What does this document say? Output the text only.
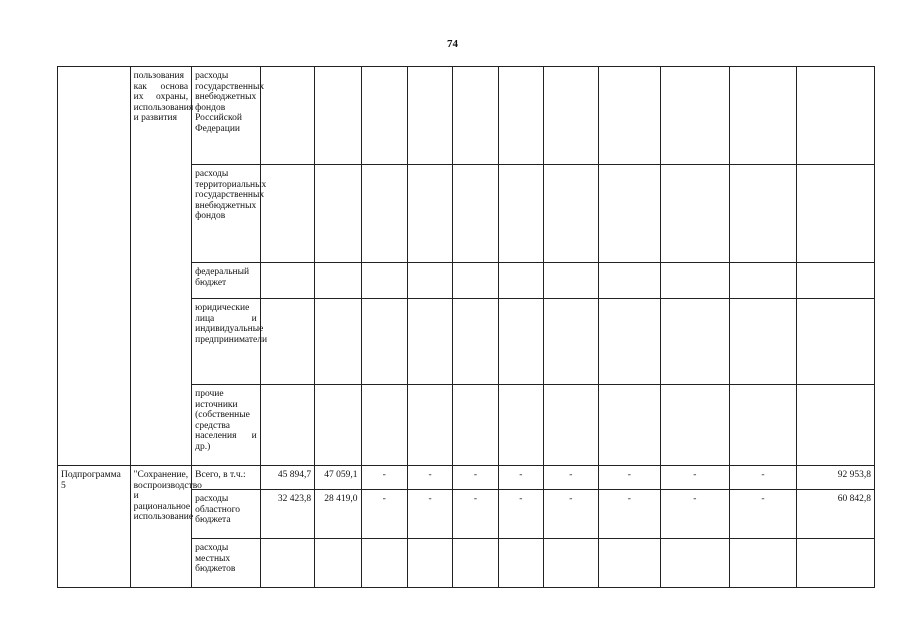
74
	пользования как основа их охраны, использования и развития	расходы государственных внебюджетных фондов Российской Федерации											
		расходы территориальных государственных внебюджетных фондов											
		федеральный бюджет											
		юридические лица и индивидуальные предприниматели											
		прочие источники (собственные средства населения и др.)											
Подпрограмма 5	"Сохранение, воспроизводство и рациональное использование	Всего, в т.ч.:	45 894,7	47 059,1	-	-	-	-	-	-	-	-	92 953,8
		расходы областного бюджета	32 423,8	28 419,0	-	-	-	-	-	-	-	-	60 842,8
		расходы местных бюджетов											
